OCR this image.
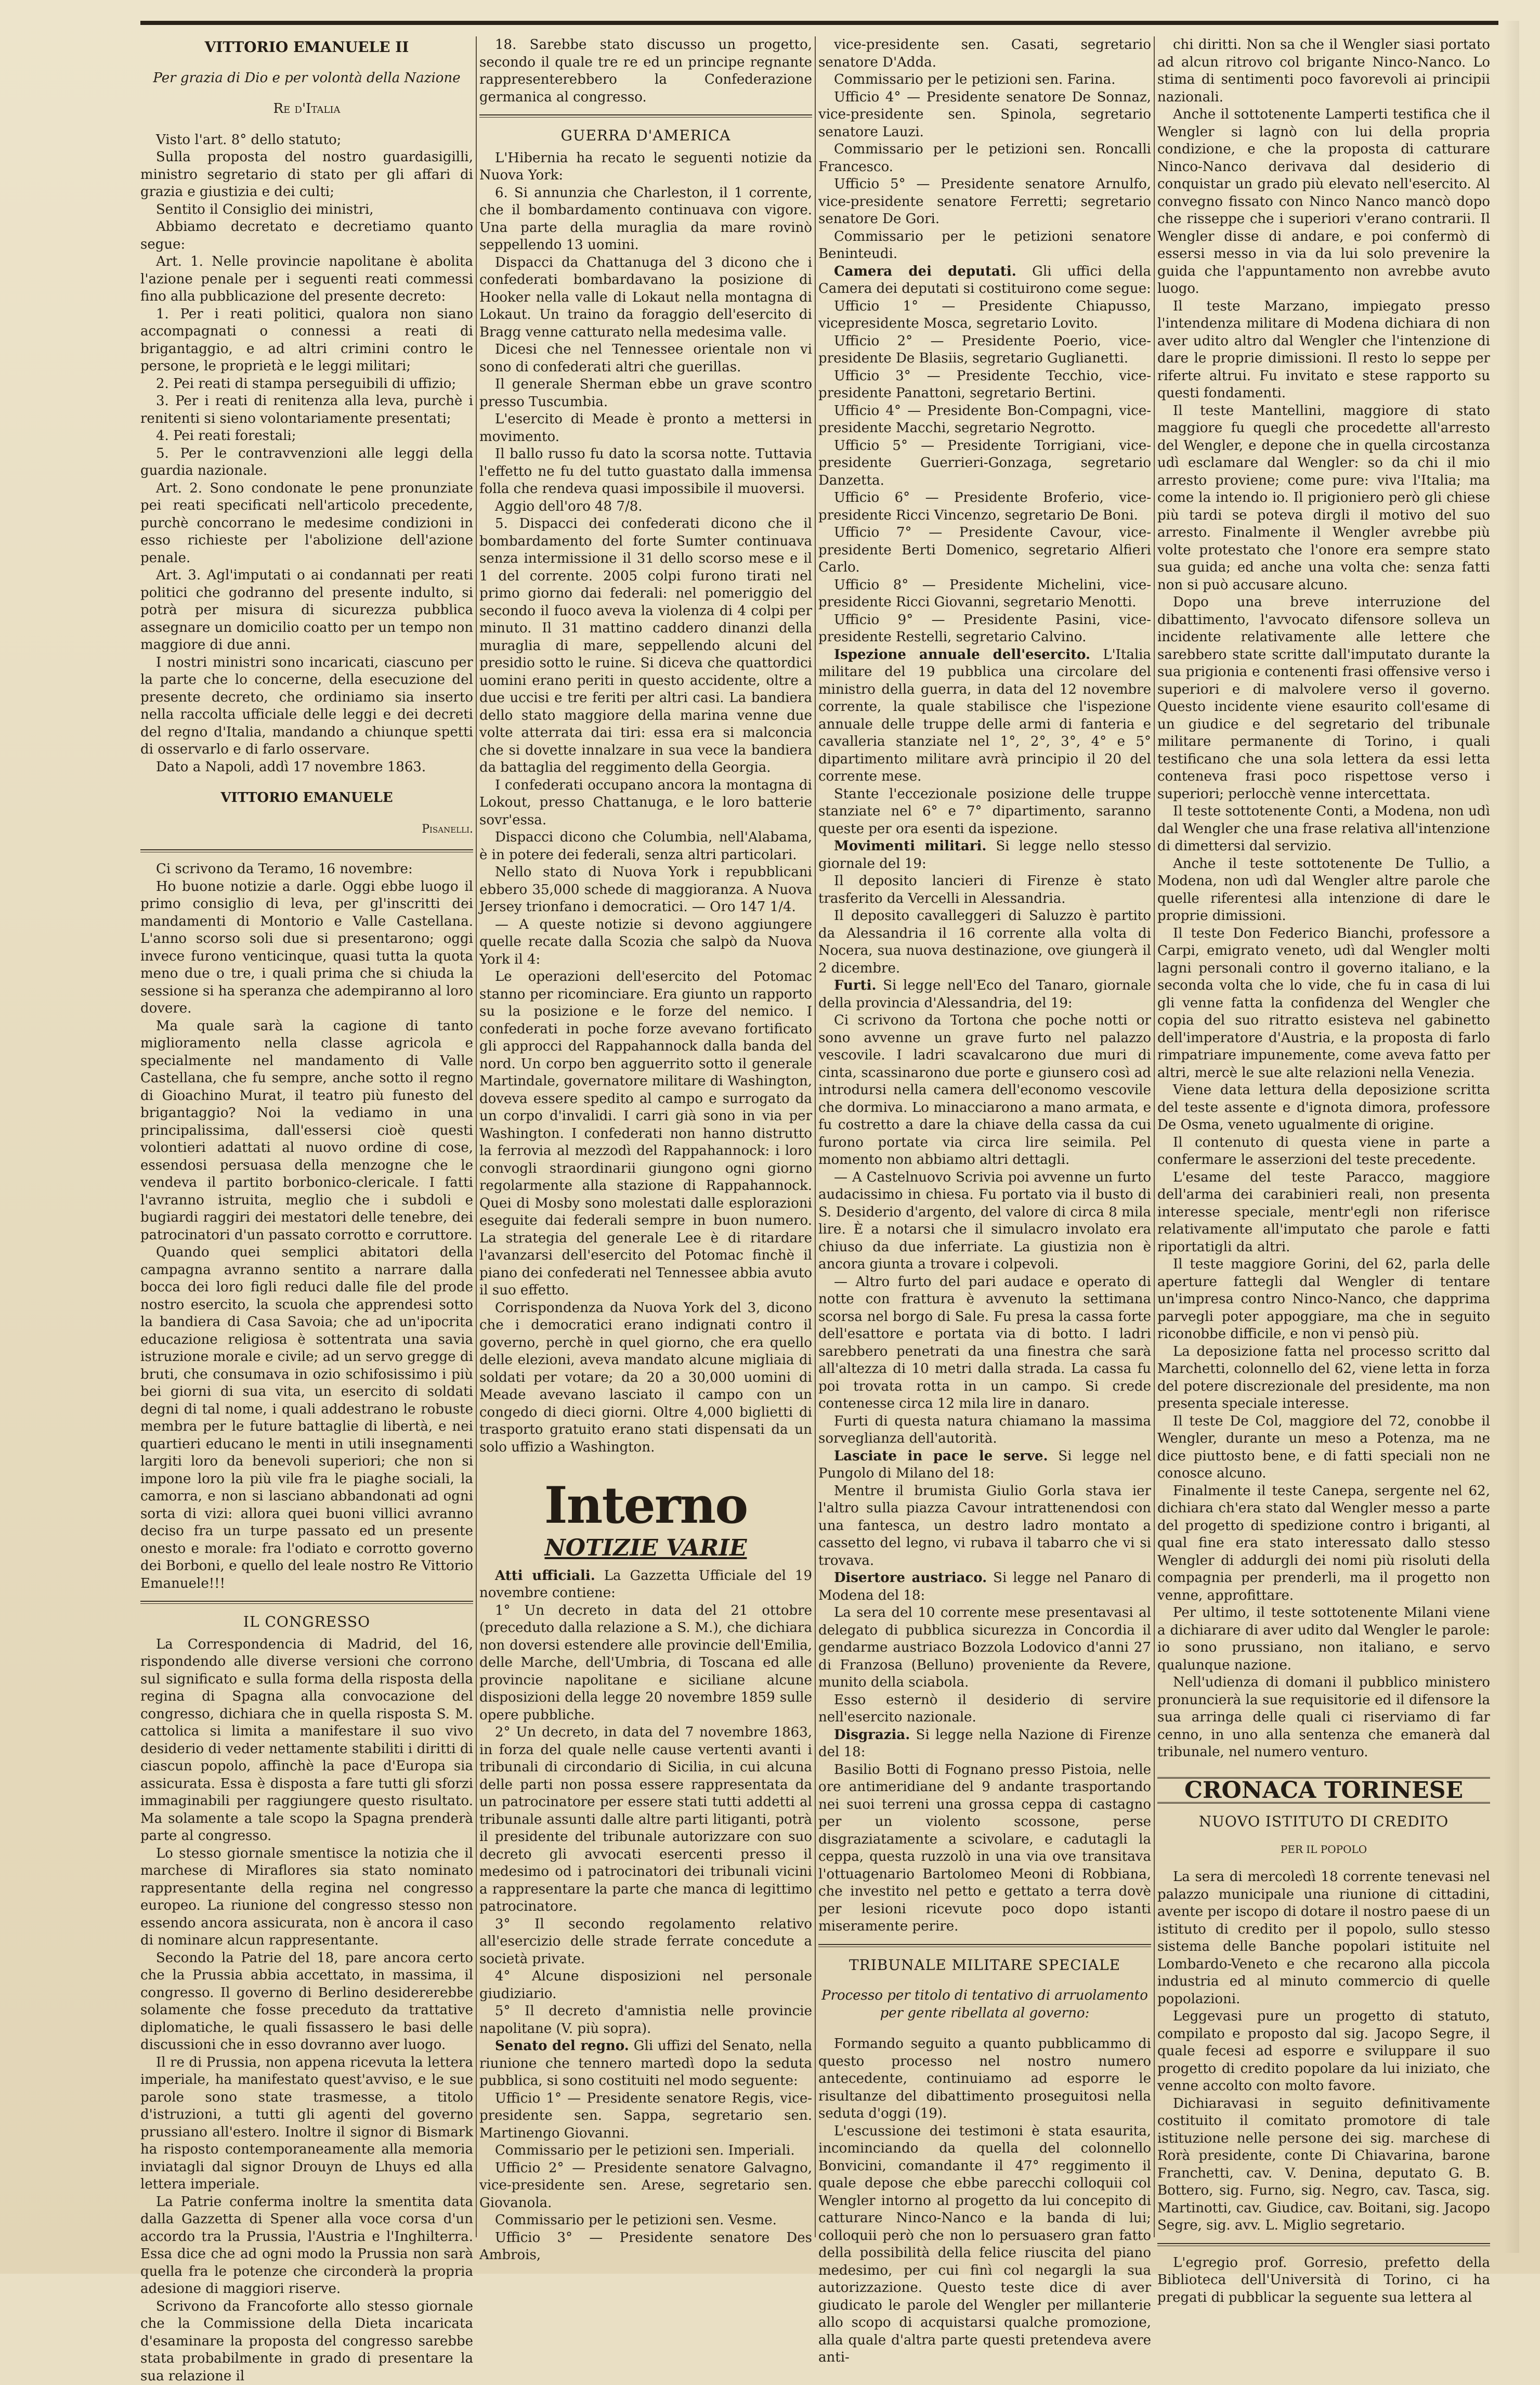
VITTORIO EMANUELE II

Per grazia di Dio e per volontà della Nazione

Re d'Italia

Visto l'art. 8° dello statuto;

Sulla proposta del nostro guardasigilli, ministro segretario di stato per gli affari di grazia e giustizia e dei culti;

Sentito il Consiglio dei ministri,

Abbiamo decretato e decretiamo quanto segue:

Art. 1. Nelle provincie napolitane è abolita l'azione penale per i seguenti reati commessi fino alla pubblicazione del presente decreto:

1. Per i reati politici, qualora non siano accompagnati o connessi a reati di brigantaggio, e ad altri crimini contro le persone, le proprietà e le leggi militari;

2. Pei reati di stampa perseguibili di uffizio;

3. Per i reati di renitenza alla leva, purchè i renitenti si sieno volontariamente presentati;

4. Pei reati forestali;

5. Per le contravvenzioni alle leggi della guardia nazionale.

Art. 2. Sono condonate le pene pronunziate pei reati specificati nell'articolo precedente, purchè concorrano le medesime condizioni in esso richieste per l'abolizione dell'azione penale.

Art. 3. Agl'imputati o ai condannati per reati politici che godranno del presente indulto, si potrà per misura di sicurezza pubblica assegnare un domicilio coatto per un tempo non maggiore di due anni.

I nostri ministri sono incaricati, ciascuno per la parte che lo concerne, della esecuzione del presente decreto, che ordiniamo sia inserto nella raccolta ufficiale delle leggi e dei decreti del regno d'Italia, mandando a chiunque spetti di osservarlo e di farlo osservare.

Dato a Napoli, addì 17 novembre 1863.

VITTORIO EMANUELE

Pisanelli.

Ci scrivono da Teramo, 16 novembre:

Ho buone notizie a darle. Oggi ebbe luogo il primo consiglio di leva, per gl'inscritti dei mandamenti di Montorio e Valle Castellana. L'anno scorso soli due si presentarono; oggi invece furono venticinque, quasi tutta la quota meno due o tre, i quali prima che si chiuda la sessione si ha speranza che adempiranno al loro dovere.

Ma quale sarà la cagione di tanto miglioramento nella classe agricola e specialmente nel mandamento di Valle Castellana, che fu sempre, anche sotto il regno di Gioachino Murat, il teatro più funesto del brigantaggio? Noi la vediamo in una principalissima, dall'essersi cioè questi volontieri adattati al nuovo ordine di cose, essendosi persuasa della menzogne che le vendeva il partito borbonico-clericale. I fatti l'avranno istruita, meglio che i subdoli e bugiardi raggiri dei mestatori delle tenebre, dei patrocinatori d'un passato corrotto e corruttore.

Quando quei semplici abitatori della campagna avranno sentito a narrare dalla bocca dei loro figli reduci dalle file del prode nostro esercito, la scuola che apprendesi sotto la bandiera di Casa Savoia; che ad un'ipocrita educazione religiosa è sottentrata una savia istruzione morale e civile; ad un servo gregge di bruti, che consumava in ozio schifosissimo i più bei giorni di sua vita, un esercito di soldati degni di tal nome, i quali addestrano le robuste membra per le future battaglie di libertà, e nei quartieri educano le menti in utili insegnamenti largiti loro da benevoli superiori; che non si impone loro la più vile fra le piaghe sociali, la camorra, e non si lasciano abbandonati ad ogni sorta di vizi: allora quei buoni villici avranno deciso fra un turpe passato ed un presente onesto e morale: fra l'odiato e corrotto governo dei Borboni, e quello del leale nostro Re Vittorio Emanuele!!!

IL CONGRESSO

La Correspondencia di Madrid, del 16, rispondendo alle diverse versioni che corrono sul significato e sulla forma della risposta della regina di Spagna alla convocazione del congresso, dichiara che in quella risposta S. M. cattolica si limita a manifestare il suo vivo desiderio di veder nettamente stabiliti i diritti di ciascun popolo, affinchè la pace d'Europa sia assicurata. Essa è disposta a fare tutti gli sforzi immaginabili per raggiungere questo risultato. Ma solamente a tale scopo la Spagna prenderà parte al congresso.

Lo stesso giornale smentisce la notizia che il marchese di Miraflores sia stato nominato rappresentante della regina nel congresso europeo. La riunione del congresso stesso non essendo ancora assicurata, non è ancora il caso di nominare alcun rappresentante.

Secondo la Patrie del 18, pare ancora certo che la Prussia abbia accettato, in massima, il congresso. Il governo di Berlino desidererebbe solamente che fosse preceduto da trattative diplomatiche, le quali fissassero le basi delle discussioni che in esso dovranno aver luogo.

Il re di Prussia, non appena ricevuta la lettera imperiale, ha manifestato quest'avviso, e le sue parole sono state trasmesse, a titolo d'istruzioni, a tutti gli agenti del governo prussiano all'estero. Inoltre il signor di Bismark ha risposto contemporaneamente alla memoria inviatagli dal signor Drouyn de Lhuys ed alla lettera imperiale.

La Patrie conferma inoltre la smentita data dalla Gazzetta di Spener alla voce corsa d'un accordo tra la Prussia, l'Austria e l'Inghilterra. Essa dice che ad ogni modo la Prussia non sarà quella fra le potenze che circonderà la propria adesione di maggiori riserve.

Scrivono da Francoforte allo stesso giornale che la Commissione della Dieta incaricata d'esaminare la proposta del congresso sarebbe stata probabilmente in grado di presentare la sua relazione il

18. Sarebbe stato discusso un progetto, secondo il quale tre re ed un principe regnante rappresenterebbero la Confederazione germanica al congresso.

GUERRA D'AMERICA

L'Hibernia ha recato le seguenti notizie da Nuova York:

6. Si annunzia che Charleston, il 1 corrente, che il bombardamento continuava con vigore. Una parte della muraglia da mare rovinò seppellendo 13 uomini.

Dispacci da Chattanuga del 3 dicono che i confederati bombardavano la posizione di Hooker nella valle di Lokaut nella montagna di Lokaut. Un traino da foraggio dell'esercito di Bragg venne catturato nella medesima valle.

Dicesi che nel Tennessee orientale non vi sono di confederati altri che guerillas.

Il generale Sherman ebbe un grave scontro presso Tuscumbia.

L'esercito di Meade è pronto a mettersi in movimento.

Il ballo russo fu dato la scorsa notte. Tuttavia l'effetto ne fu del tutto guastato dalla immensa folla che rendeva quasi impossibile il muoversi.

Aggio dell'oro 48 7/8.

5. Dispacci dei confederati dicono che il bombardamento del forte Sumter continuava senza intermissione il 31 dello scorso mese e il 1 del corrente. 2005 colpi furono tirati nel primo giorno dai federali: nel pomeriggio del secondo il fuoco aveva la violenza di 4 colpi per minuto. Il 31 mattino caddero dinanzi della muraglia di mare, seppellendo alcuni del presidio sotto le ruine. Si diceva che quattordici uomini erano periti in questo accidente, oltre a due uccisi e tre feriti per altri casi. La bandiera dello stato maggiore della marina venne due volte atterrata dai tiri: essa era si malconcia che si dovette innalzare in sua vece la bandiera da battaglia del reggimento della Georgia.

I confederati occupano ancora la montagna di Lokout, presso Chattanuga, e le loro batterie sovr'essa.

Dispacci dicono che Columbia, nell'Alabama, è in potere dei federali, senza altri particolari.

Nello stato di Nuova York i repubblicani ebbero 35,000 schede di maggioranza. A Nuova Jersey trionfano i democratici. — Oro 147 1/4.

— A queste notizie si devono aggiungere quelle recate dalla Scozia che salpò da Nuova York il 4:

Le operazioni dell'esercito del Potomac stanno per ricominciare. Era giunto un rapporto su la posizione e le forze del nemico. I confederati in poche forze avevano fortificato gli approcci del Rappahannock dalla banda del nord. Un corpo ben agguerrito sotto il generale Martindale, governatore militare di Washington, doveva essere spedito al campo e surrogato da un corpo d'invalidi. I carri già sono in via per Washington. I confederati non hanno distrutto la ferrovia al mezzodì del Rappahannock: i loro convogli straordinarii giungono ogni giorno regolarmente alla stazione di Rappahannock. Quei di Mosby sono molestati dalle esplorazioni eseguite dai federali sempre in buon numero. La strategia del generale Lee è di ritardare l'avanzarsi dell'esercito del Potomac finchè il piano dei confederati nel Tennessee abbia avuto il suo effetto.

Corrispondenza da Nuova York del 3, dicono che i democratici erano indignati contro il governo, perchè in quel giorno, che era quello delle elezioni, aveva mandato alcune migliaia di soldati per votare; da 20 a 30,000 uomini di Meade avevano lasciato il campo con un congedo di dieci giorni. Oltre 4,000 biglietti di trasporto gratuito erano stati dispensati da un solo uffizio a Washington.

Interno
NOTIZIE VARIE

Atti ufficiali. La Gazzetta Ufficiale del 19 novembre contiene:

1° Un decreto in data del 21 ottobre (preceduto dalla relazione a S. M.), che dichiara non doversi estendere alle provincie dell'Emilia, delle Marche, dell'Umbria, di Toscana ed alle provincie napolitane e siciliane alcune disposizioni della legge 20 novembre 1859 sulle opere pubbliche.

2° Un decreto, in data del 7 novembre 1863, in forza del quale nelle cause vertenti avanti i tribunali di circondario di Sicilia, in cui alcuna delle parti non possa essere rappresentata da un patrocinatore per essere stati tutti addetti al tribunale assunti dalle altre parti litiganti, potrà il presidente del tribunale autorizzare con suo decreto gli avvocati esercenti presso il medesimo od i patrocinatori dei tribunali vicini a rappresentare la parte che manca di legittimo patrocinatore.

3° Il secondo regolamento relativo all'esercizio delle strade ferrate concedute a società private.

4° Alcune disposizioni nel personale giudiziario.

5° Il decreto d'amnistia nelle provincie napolitane (V. più sopra).

Senato del regno. Gli uffizi del Senato, nella riunione che tennero martedì dopo la seduta pubblica, si sono costituiti nel modo seguente:

Ufficio 1° — Presidente senatore Regis, vice-presidente sen. Sappa, segretario sen. Martinengo Giovanni.

Commissario per le petizioni sen. Imperiali.

Ufficio 2° — Presidente senatore Galvagno, vice-presidente sen. Arese, segretario sen. Giovanola.

Commissario per le petizioni sen. Vesme.

Ufficio 3° — Presidente senatore Des Ambrois,

vice-presidente sen. Casati, segretario senatore D'Adda.

Commissario per le petizioni sen. Farina.

Ufficio 4° — Presidente senatore De Sonnaz, vice-presidente sen. Spinola, segretario senatore Lauzi.

Commissario per le petizioni sen. Roncalli Francesco.

Ufficio 5° — Presidente senatore Arnulfo, vice-presidente senatore Ferretti; segretario senatore De Gori.

Commissario per le petizioni senatore Beninteudi.

Camera dei deputati. Gli uffici della Camera dei deputati si costituirono come segue:

Ufficio 1° — Presidente Chiapusso, vicepresidente Mosca, segretario Lovito.

Ufficio 2° — Presidente Poerio, vice-presidente De Blasiis, segretario Guglianetti.

Ufficio 3° — Presidente Tecchio, vice-presidente Panattoni, segretario Bertini.

Ufficio 4° — Presidente Bon-Compagni, vice-presidente Macchi, segretario Negrotto.

Ufficio 5° — Presidente Torrigiani, vice-presidente Guerrieri-Gonzaga, segretario Danzetta.

Ufficio 6° — Presidente Broferio, vice-presidente Ricci Vincenzo, segretario De Boni.

Ufficio 7° — Presidente Cavour, vice-presidente Berti Domenico, segretario Alfieri Carlo.

Ufficio 8° — Presidente Michelini, vice-presidente Ricci Giovanni, segretario Menotti.

Ufficio 9° — Presidente Pasini, vice-presidente Restelli, segretario Calvino.

Ispezione annuale dell'esercito. L'Italia militare del 19 pubblica una circolare del ministro della guerra, in data del 12 novembre corrente, la quale stabilisce che l'ispezione annuale delle truppe delle armi di fanteria e cavalleria stanziate nel 1°, 2°, 3°, 4° e 5° dipartimento militare avrà principio il 20 del corrente mese.

Stante l'eccezionale posizione delle truppe stanziate nel 6° e 7° dipartimento, saranno queste per ora esenti da ispezione.

Movimenti militari. Si legge nello stesso giornale del 19:

Il deposito lancieri di Firenze è stato trasferito da Vercelli in Alessandria.

Il deposito cavalleggeri di Saluzzo è partito da Alessandria il 16 corrente alla volta di Nocera, sua nuova destinazione, ove giungerà il 2 dicembre.

Furti. Si legge nell'Eco del Tanaro, giornale della provincia d'Alessandria, del 19:

Ci scrivono da Tortona che poche notti or sono avvenne un grave furto nel palazzo vescovile. I ladri scavalcarono due muri di cinta, scassinarono due porte e giunsero così ad introdursi nella camera dell'economo vescovile che dormiva. Lo minacciarono a mano armata, e fu costretto a dare la chiave della cassa da cui furono portate via circa lire seimila. Pel momento non abbiamo altri dettagli.

— A Castelnuovo Scrivia poi avvenne un furto audacissimo in chiesa. Fu portato via il busto di S. Desiderio d'argento, del valore di circa 8 mila lire. È a notarsi che il simulacro involato era chiuso da due inferriate. La giustizia non è ancora giunta a trovare i colpevoli.

— Altro furto del pari audace e operato di notte con frattura è avvenuto la settimana scorsa nel borgo di Sale. Fu presa la cassa forte dell'esattore e portata via di botto. I ladri sarebbero penetrati da una finestra che sarà all'altezza di 10 metri dalla strada. La cassa fu poi trovata rotta in un campo. Si crede contenesse circa 12 mila lire in danaro.

Furti di questa natura chiamano la massima sorveglianza dell'autorità.

Lasciate in pace le serve. Si legge nel Pungolo di Milano del 18:

Mentre il brumista Giulio Gorla stava ier l'altro sulla piazza Cavour intrattenendosi con una fantesca, un destro ladro montato a cassetto del legno, vi rubava il tabarro che vi si trovava.

Disertore austriaco. Si legge nel Panaro di Modena del 18:

La sera del 10 corrente mese presentavasi al delegato di pubblica sicurezza in Concordia il gendarme austriaco Bozzola Lodovico d'anni 27 di Franzosa (Belluno) proveniente da Revere, munito della sciabola.

Esso esternò il desiderio di servire nell'esercito nazionale.

Disgrazia. Si legge nella Nazione di Firenze del 18:

Basilio Botti di Fognano presso Pistoia, nelle ore antimeridiane del 9 andante trasportando nei suoi terreni una grossa ceppa di castagno per un violento scossone, perse disgraziatamente a scivolare, e cadutagli la ceppa, questa ruzzolò in una via ove transitava l'ottuagenario Bartolomeo Meoni di Robbiana, che investito nel petto e gettato a terra dovè per lesioni ricevute poco dopo istanti miseramente perire.

TRIBUNALE MILITARE SPECIALE

Processo per titolo di tentativo di arruolamento per gente ribellata al governo:

Formando seguito a quanto pubblicammo di questo processo nel nostro numero antecedente, continuiamo ad esporre le risultanze del dibattimento proseguitosi nella seduta d'oggi (19).

L'escussione dei testimoni è stata esaurita, incominciando da quella del colonnello Bonvicini, comandante il 47° reggimento il quale depose che ebbe parecchi colloquii col Wengler intorno al progetto da lui concepito di catturare Ninco-Nanco e la banda di lui; colloquii però che non lo persuasero gran fatto della possibilità della felice riuscita del piano medesimo, per cui finì col negargli la sua autorizzazione. Questo teste dice di aver giudicato le parole del Wengler per millanterie allo scopo di acquistarsi qualche promozione, alla quale d'altra parte questi pretendeva avere anti-

chi diritti. Non sa che il Wengler siasi portato ad alcun ritrovo col brigante Ninco-Nanco. Lo stima di sentimenti poco favorevoli ai principii nazionali.

Anche il sottotenente Lamperti testifica che il Wengler si lagnò con lui della propria condizione, e che la proposta di catturare Ninco-Nanco derivava dal desiderio di conquistar un grado più elevato nell'esercito. Al convegno fissato con Ninco Nanco mancò dopo che risseppe che i superiori v'erano contrarii. Il Wengler disse di andare, e poi confermò di essersi messo in via da lui solo prevenire la guida che l'appuntamento non avrebbe avuto luogo.

Il teste Marzano, impiegato presso l'intendenza militare di Modena dichiara di non aver udito altro dal Wengler che l'intenzione di dare le proprie dimissioni. Il resto lo seppe per riferte altrui. Fu invitato e stese rapporto su questi fondamenti.

Il teste Mantellini, maggiore di stato maggiore fu quegli che procedette all'arresto del Wengler, e depone che in quella circostanza udì esclamare dal Wengler: so da chi il mio arresto proviene; come pure: viva l'Italia; ma come la intendo io. Il prigioniero però gli chiese più tardi se poteva dirgli il motivo del suo arresto. Finalmente il Wengler avrebbe più volte protestato che l'onore era sempre stato sua guida; ed anche una volta che: senza fatti non si può accusare alcuno.

Dopo una breve interruzione del dibattimento, l'avvocato difensore solleva un incidente relativamente alle lettere che sarebbero state scritte dall'imputato durante la sua prigionia e contenenti frasi offensive verso i superiori e di malvolere verso il governo. Questo incidente viene esaurito coll'esame di un giudice e del segretario del tribunale militare permanente di Torino, i quali testificano che una sola lettera da essi letta conteneva frasi poco rispettose verso i superiori; perlocchè venne intercettata.

Il teste sottotenente Conti, a Modena, non udì dal Wengler che una frase relativa all'intenzione di dimettersi dal servizio.

Anche il teste sottotenente De Tullio, a Modena, non udì dal Wengler altre parole che quelle riferentesi alla intenzione di dare le proprie dimissioni.

Il teste Don Federico Bianchi, professore a Carpi, emigrato veneto, udì dal Wengler molti lagni personali contro il governo italiano, e la seconda volta che lo vide, che fu in casa di lui gli venne fatta la confidenza del Wengler che copia del suo ritratto esisteva nel gabinetto dell'imperatore d'Austria, e la proposta di farlo rimpatriare impunemente, come aveva fatto per altri, mercè le sue alte relazioni nella Venezia.

Viene data lettura della deposizione scritta del teste assente e d'ignota dimora, professore De Osma, veneto ugualmente di origine.

Il contenuto di questa viene in parte a confermare le asserzioni del teste precedente.

L'esame del teste Paracco, maggiore dell'arma dei carabinieri reali, non presenta interesse speciale, mentr'egli non riferisce relativamente all'imputato che parole e fatti riportatigli da altri.

Il teste maggiore Gorini, del 62, parla delle aperture fattegli dal Wengler di tentare un'impresa contro Ninco-Nanco, che dapprima parvegli poter appoggiare, ma che in seguito riconobbe difficile, e non vi pensò più.

La deposizione fatta nel processo scritto dal Marchetti, colonnello del 62, viene letta in forza del potere discrezionale del presidente, ma non presenta speciale interesse.

Il teste De Col, maggiore del 72, conobbe il Wengler, durante un meso a Potenza, ma ne dice piuttosto bene, e di fatti speciali non ne conosce alcuno.

Finalmente il teste Canepa, sergente nel 62, dichiara ch'era stato dal Wengler messo a parte del progetto di spedizione contro i briganti, al qual fine era stato interessato dallo stesso Wengler di addurgli dei nomi più risoluti della compagnia per prenderli, ma il progetto non venne, approfittare.

Per ultimo, il teste sottotenente Milani viene a dichiarare di aver udito dal Wengler le parole: io sono prussiano, non italiano, e servo qualunque nazione.

Nell'udienza di domani il pubblico ministero pronuncierà la sue requisitorie ed il difensore la sua arringa delle quali ci riserviamo di far cenno, in uno alla sentenza che emanerà dal tribunale, nel numero venturo.

CRONACA TORINESE
NUOVO ISTITUTO DI CREDITO

PER IL POPOLO

La sera di mercoledì 18 corrente tenevasi nel palazzo municipale una riunione di cittadini, avente per iscopo di dotare il nostro paese di un istituto di credito per il popolo, sullo stesso sistema delle Banche popolari istituite nel Lombardo-Veneto e che recarono alla piccola industria ed al minuto commercio di quelle popolazioni.

Leggevasi pure un progetto di statuto, compilato e proposto dal sig. Jacopo Segre, il quale fecesi ad esporre e sviluppare il suo progetto di credito popolare da lui iniziato, che venne accolto con molto favore.

Dichiaravasi in seguito definitivamente costituito il comitato promotore di tale istituzione nelle persone dei sig. marchese di Rorà presidente, conte Di Chiavarina, barone Franchetti, cav. V. Denina, deputato G. B. Bottero, sig. Furno, sig. Negro, cav. Tasca, sig. Martinotti, cav. Giudice, cav. Boitani, sig. Jacopo Segre, sig. avv. L. Miglio segretario.

L'egregio prof. Gorresio, prefetto della Biblioteca dell'Università di Torino, ci ha pregati di pubblicar la seguente sua lettera al
